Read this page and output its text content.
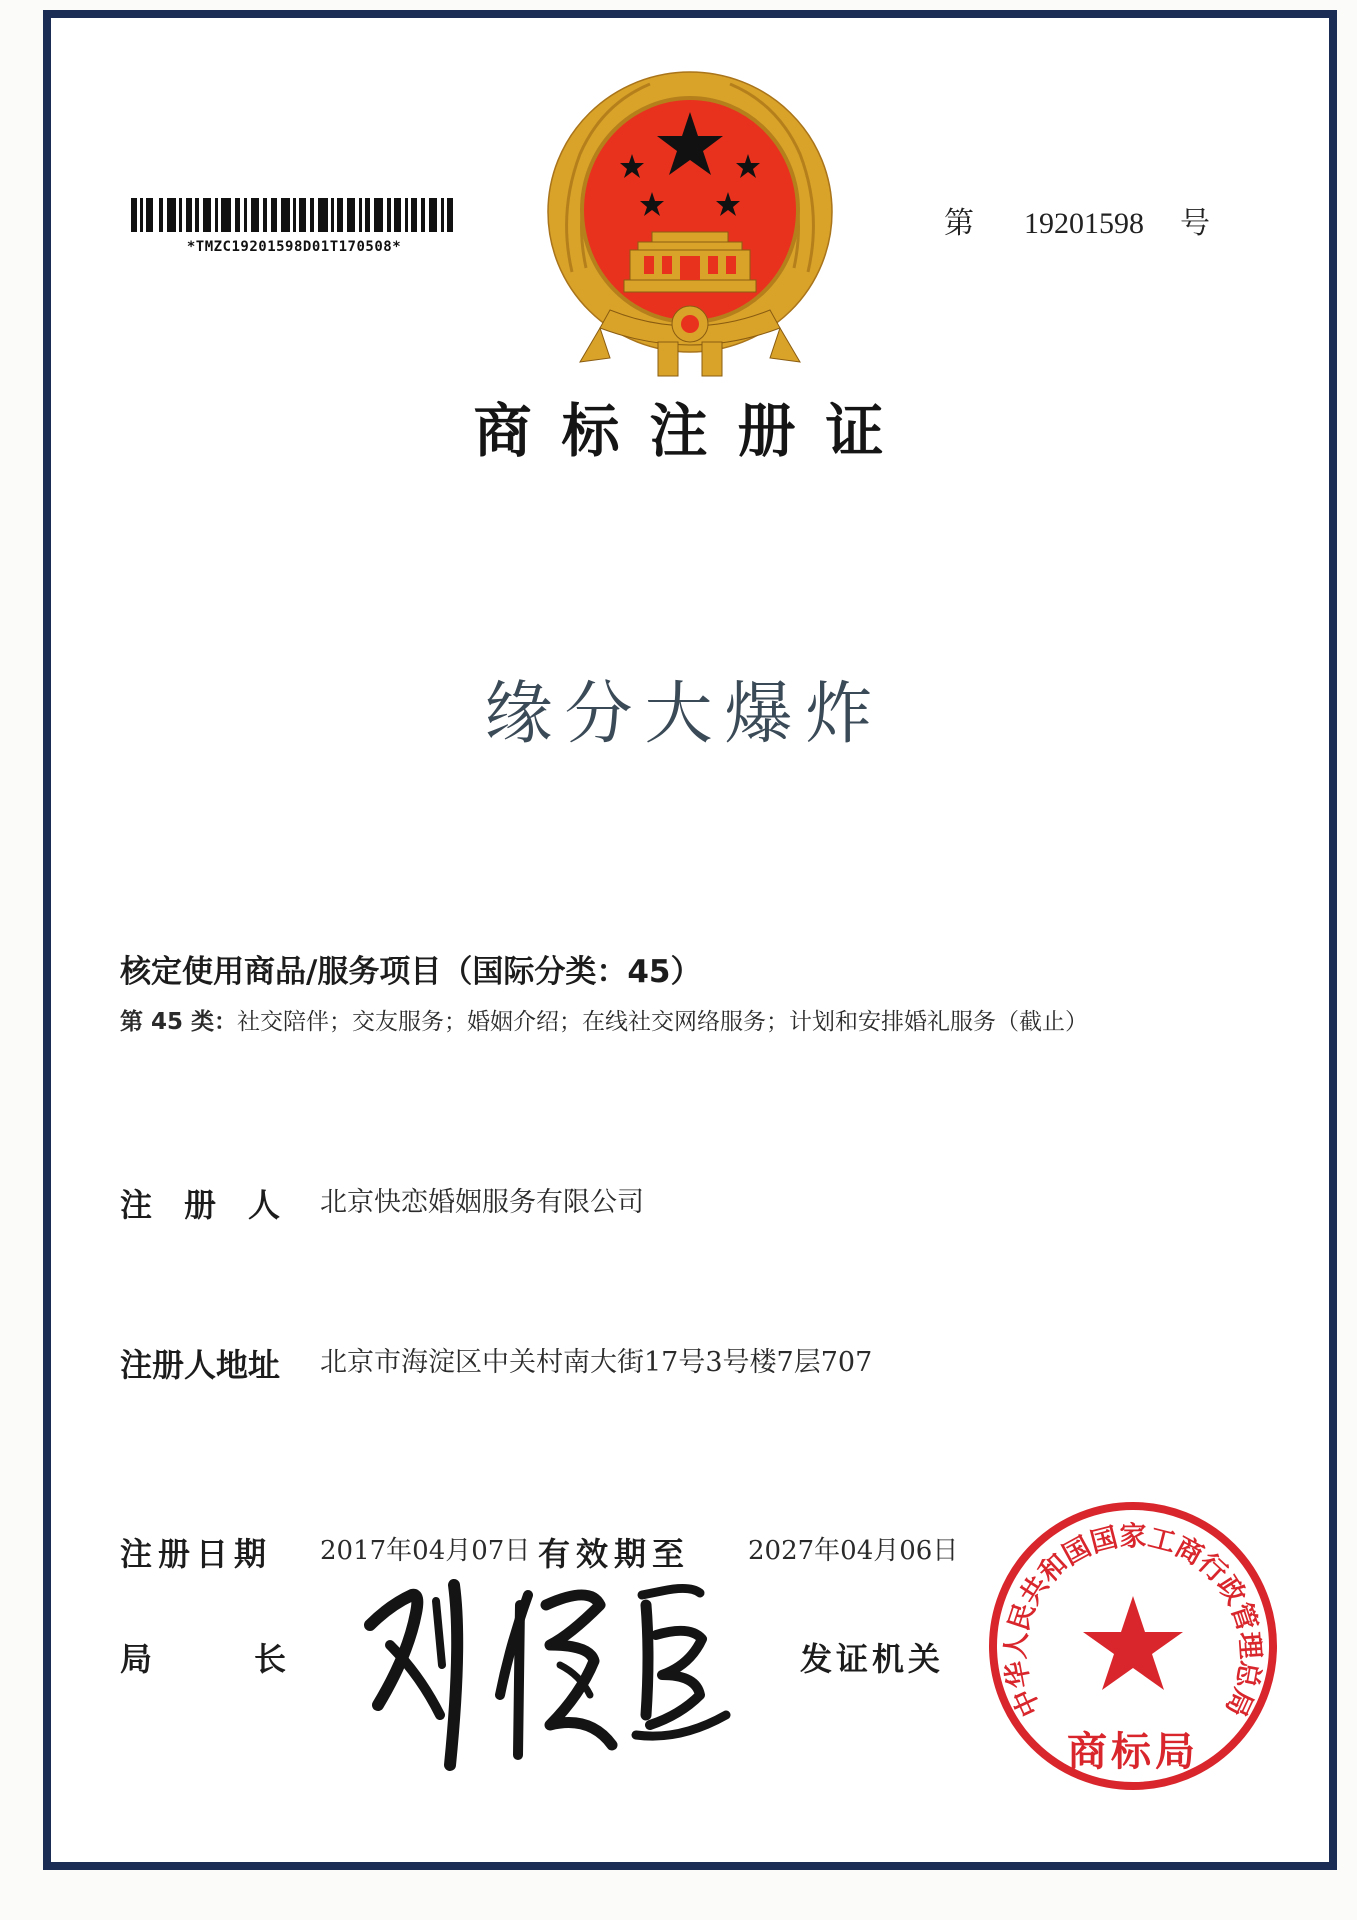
*TMZC19201598D01T170508*
第 19201598 号
商标注册证
缘分大爆炸
核定使用商品/服务项目（国际分类：45）
第 45 类：社交陪伴；交友服务；婚姻介绍；在线社交网络服务；计划和安排婚礼服务（截止）
注　册　人 北京快恋婚姻服务有限公司
注册人地址 北京市海淀区中关村南大街17号3号楼7层707
注册日期 2017年04月07日 有效期至 2027年04月06日
局	长	发证机关
中华人民共和国国家工商行政管理总局
商标局
